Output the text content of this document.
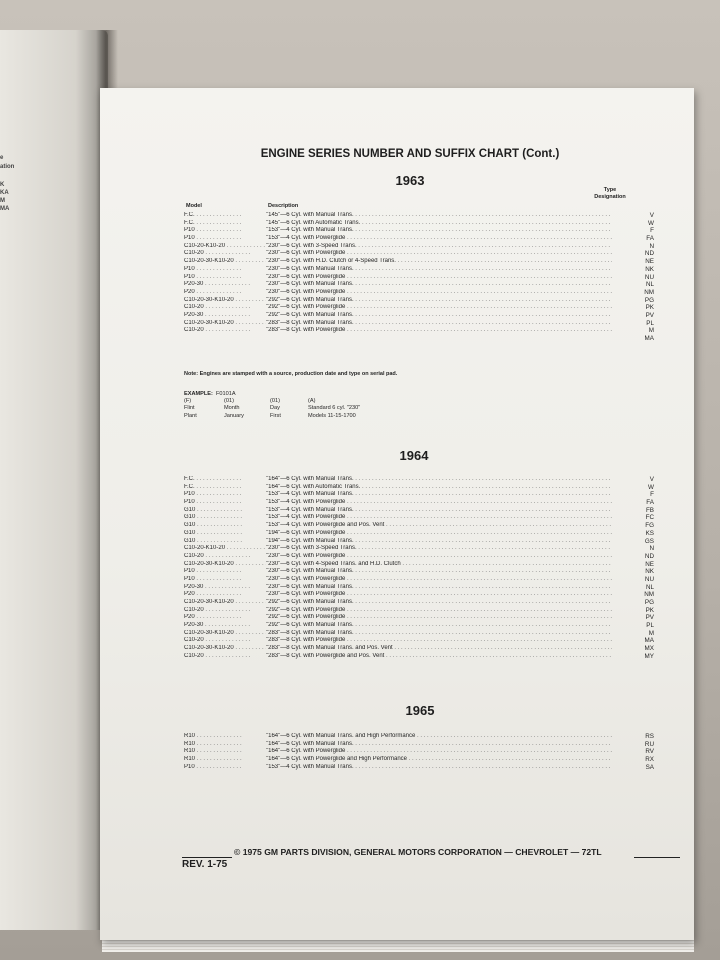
e
ation
K
KA
M
MA
ENGINE SERIES NUMBER AND SUFFIX CHART (Cont.)
1963
Model	Description
Type
Designation
F.C. . . .	"145"—6 Cyl. with Manual Trans. . . .	V
F.C. . . .	"145"—6 Cyl. with Automatic Trans. . . .	W
P10 . . .	"153"—4 Cyl. with Manual Trans. . . .	F
P10 . . .	"153"—4 Cyl. with Powerglide . . .	FA
C10-20-K10-20 . . .	"230"—6 Cyl. with 3-Speed Trans. . . .	N
C10-20 . . .	"230"—6 Cyl. with Powerglide . . .	ND
C10-20-30-K10-20 . . .	"230"—6 Cyl. with H.D. Clutch or 4-Speed Trans. . . .	NE
P10 . . .	"230"—6 Cyl. with Manual Trans. . . .	NK
P10 . . .	"230"—6 Cyl. with Powerglide . . .	NU
P20-30 . . .	"230"—6 Cyl. with Manual Trans. . . .	NL
P20 . . .	"230"—6 Cyl. with Powerglide . . .	NM
C10-20-30-K10-20 . . .	"292"—6 Cyl. with Manual Trans. . . .	PG
C10-20 . . .	"292"—6 Cyl. with Powerglide . . .	PK
P20-30 . . .	"292"—6 Cyl. with Manual Trans. . . .	PV
C10-20-30-K10-20 . . .	"283"—8 Cyl. with Manual Trans. . . .	PL
C10-20 . . .	"283"—8 Cyl. with Powerglide . . .	M
MA
Note: Engines are stamped with a source, production date and type on serial pad.
EXAMPLE: F0101A
(F)	(01)	(01)	(A)
Flint	Month	Day	Standard 6 cyl. "230"
Plant	January	First	Models 11-15-1700
1964
F.C. . . .	"164"—6 Cyl. with Manual Trans. . . .	V
F.C. . . .	"164"—6 Cyl. with Automatic Trans. . . .	W
P10 . . .	"153"—4 Cyl. with Manual Trans. . . .	F
P10 . . .	"153"—4 Cyl. with Powerglide . . .	FA
G10 . . .	"153"—4 Cyl. with Manual Trans. . . .	FB
G10 . . .	"153"—4 Cyl. with Powerglide . . .	FC
G10 . . .	"153"—4 Cyl. with Powerglide and Pos. Vent . . .	FG
G10 . . .	"194"—6 Cyl. with Powerglide . . .	KS
G10 . . .	"194"—6 Cyl. with Manual Trans. . . .	GS
C10-20-K10-20 . . .	"230"—6 Cyl. with 3-Speed Trans. . . .	N
C10-20 . . .	"230"—6 Cyl. with Powerglide . . .	ND
C10-20-30-K10-20 . . .	"230"—6 Cyl. with 4-Speed Trans. and H.D. Clutch . . .	NE
P10 . . .	"230"—6 Cyl. with Manual Trans. . . .	NK
P10 . . .	"230"—6 Cyl. with Powerglide . . .	NU
P20-30 . . .	"230"—6 Cyl. with Manual Trans. . . .	NL
P20 . . .	"230"—6 Cyl. with Powerglide . . .	NM
C10-20-30-K10-20 . . .	"292"—6 Cyl. with Manual Trans. . . .	PG
C10-20 . . .	"292"—6 Cyl. with Powerglide . . .	PK
P20 . . .	"292"—6 Cyl. with Powerglide . . .	PV
P20-30 . . .	"292"—6 Cyl. with Manual Trans. . . .	PL
C10-20-30-K10-20 . . .	"283"—8 Cyl. with Manual Trans. . . .	M
C10-20 . . .	"283"—8 Cyl. with Powerglide . . .	MA
C10-20-30-K10-20 . . .	"283"—8 Cyl. with Manual Trans. and Pos. Vent . . .	MX
C10-20 . . .	"283"—8 Cyl. with Powerglide and Pos. Vent . . .	MY
1965
R10 . . .	"164"—6 Cyl. with Manual Trans. and High Performance . . .	RS
R10 . . .	"164"—6 Cyl. with Manual Trans. . . .	RU
R10 . . .	"164"—6 Cyl. with Powerglide . . .	RV
R10 . . .	"164"—6 Cyl. with Powerglide and High Performance . . .	RX
P10 . . .	"153"—4 Cyl. with Manual Trans. . . .	SA
© 1975 GM PARTS DIVISION, GENERAL MOTORS CORPORATION — CHEVROLET — 72TL
REV. 1-75
